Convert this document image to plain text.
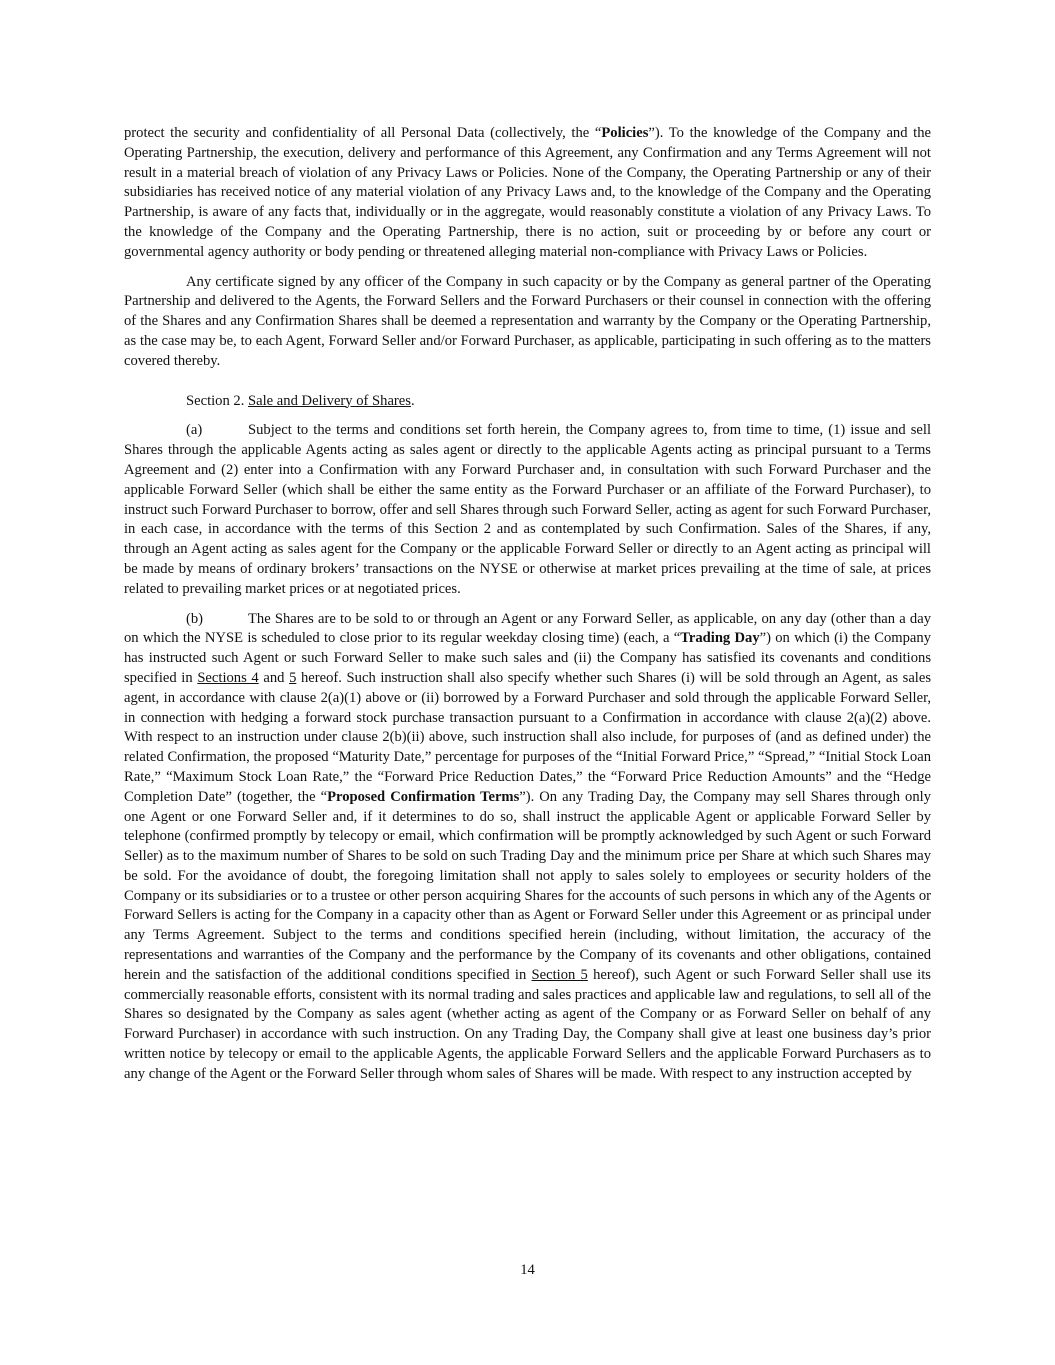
protect the security and confidentiality of all Personal Data (collectively, the “Policies”). To the knowledge of the Company and the Operating Partnership, the execution, delivery and performance of this Agreement, any Confirmation and any Terms Agreement will not result in a material breach of violation of any Privacy Laws or Policies. None of the Company, the Operating Partnership or any of their subsidiaries has received notice of any material violation of any Privacy Laws and, to the knowledge of the Company and the Operating Partnership, is aware of any facts that, individually or in the aggregate, would reasonably constitute a violation of any Privacy Laws. To the knowledge of the Company and the Operating Partnership, there is no action, suit or proceeding by or before any court or governmental agency authority or body pending or threatened alleging material non-compliance with Privacy Laws or Policies.

Any certificate signed by any officer of the Company in such capacity or by the Company as general partner of the Operating Partnership and delivered to the Agents, the Forward Sellers and the Forward Purchasers or their counsel in connection with the offering of the Shares and any Confirmation Shares shall be deemed a representation and warranty by the Company or the Operating Partnership, as the case may be, to each Agent, Forward Seller and/or Forward Purchaser, as applicable, participating in such offering as to the matters covered thereby.

Section 2. Sale and Delivery of Shares.

(a)	Subject to the terms and conditions set forth herein, the Company agrees to, from time to time, (1) issue and sell Shares through the applicable Agents acting as sales agent or directly to the applicable Agents acting as principal pursuant to a Terms Agreement and (2) enter into a Confirmation with any Forward Purchaser and, in consultation with such Forward Purchaser and the applicable Forward Seller (which shall be either the same entity as the Forward Purchaser or an affiliate of the Forward Purchaser), to instruct such Forward Purchaser to borrow, offer and sell Shares through such Forward Seller, acting as agent for such Forward Purchaser, in each case, in accordance with the terms of this Section 2 and as contemplated by such Confirmation. Sales of the Shares, if any, through an Agent acting as sales agent for the Company or the applicable Forward Seller or directly to an Agent acting as principal will be made by means of ordinary brokers’ transactions on the NYSE or otherwise at market prices prevailing at the time of sale, at prices related to prevailing market prices or at negotiated prices.

(b)	The Shares are to be sold to or through an Agent or any Forward Seller, as applicable, on any day (other than a day on which the NYSE is scheduled to close prior to its regular weekday closing time) (each, a “Trading Day”) on which (i) the Company has instructed such Agent or such Forward Seller to make such sales and (ii) the Company has satisfied its covenants and conditions specified in Sections 4 and 5 hereof. Such instruction shall also specify whether such Shares (i) will be sold through an Agent, as sales agent, in accordance with clause 2(a)(1) above or (ii) borrowed by a Forward Purchaser and sold through the applicable Forward Seller, in connection with hedging a forward stock purchase transaction pursuant to a Confirmation in accordance with clause 2(a)(2) above. With respect to an instruction under clause 2(b)(ii) above, such instruction shall also include, for purposes of (and as defined under) the related Confirmation, the proposed “Maturity Date,” percentage for purposes of the “Initial Forward Price,” “Spread,” “Initial Stock Loan Rate,” “Maximum Stock Loan Rate,” the “Forward Price Reduction Dates,” the “Forward Price Reduction Amounts” and the “Hedge Completion Date” (together, the “Proposed Confirmation Terms”). On any Trading Day, the Company may sell Shares through only one Agent or one Forward Seller and, if it determines to do so, shall instruct the applicable Agent or applicable Forward Seller by telephone (confirmed promptly by telecopy or email, which confirmation will be promptly acknowledged by such Agent or such Forward Seller) as to the maximum number of Shares to be sold on such Trading Day and the minimum price per Share at which such Shares may be sold. For the avoidance of doubt, the foregoing limitation shall not apply to sales solely to employees or security holders of the Company or its subsidiaries or to a trustee or other person acquiring Shares for the accounts of such persons in which any of the Agents or Forward Sellers is acting for the Company in a capacity other than as Agent or Forward Seller under this Agreement or as principal under any Terms Agreement. Subject to the terms and conditions specified herein (including, without limitation, the accuracy of the representations and warranties of the Company and the performance by the Company of its covenants and other obligations, contained herein and the satisfaction of the additional conditions specified in Section 5 hereof), such Agent or such Forward Seller shall use its commercially reasonable efforts, consistent with its normal trading and sales practices and applicable law and regulations, to sell all of the Shares so designated by the Company as sales agent (whether acting as agent of the Company or as Forward Seller on behalf of any Forward Purchaser) in accordance with such instruction. On any Trading Day, the Company shall give at least one business day’s prior written notice by telecopy or email to the applicable Agents, the applicable Forward Sellers and the applicable Forward Purchasers as to any change of the Agent or the Forward Seller through whom sales of Shares will be made. With respect to any instruction accepted by

14
